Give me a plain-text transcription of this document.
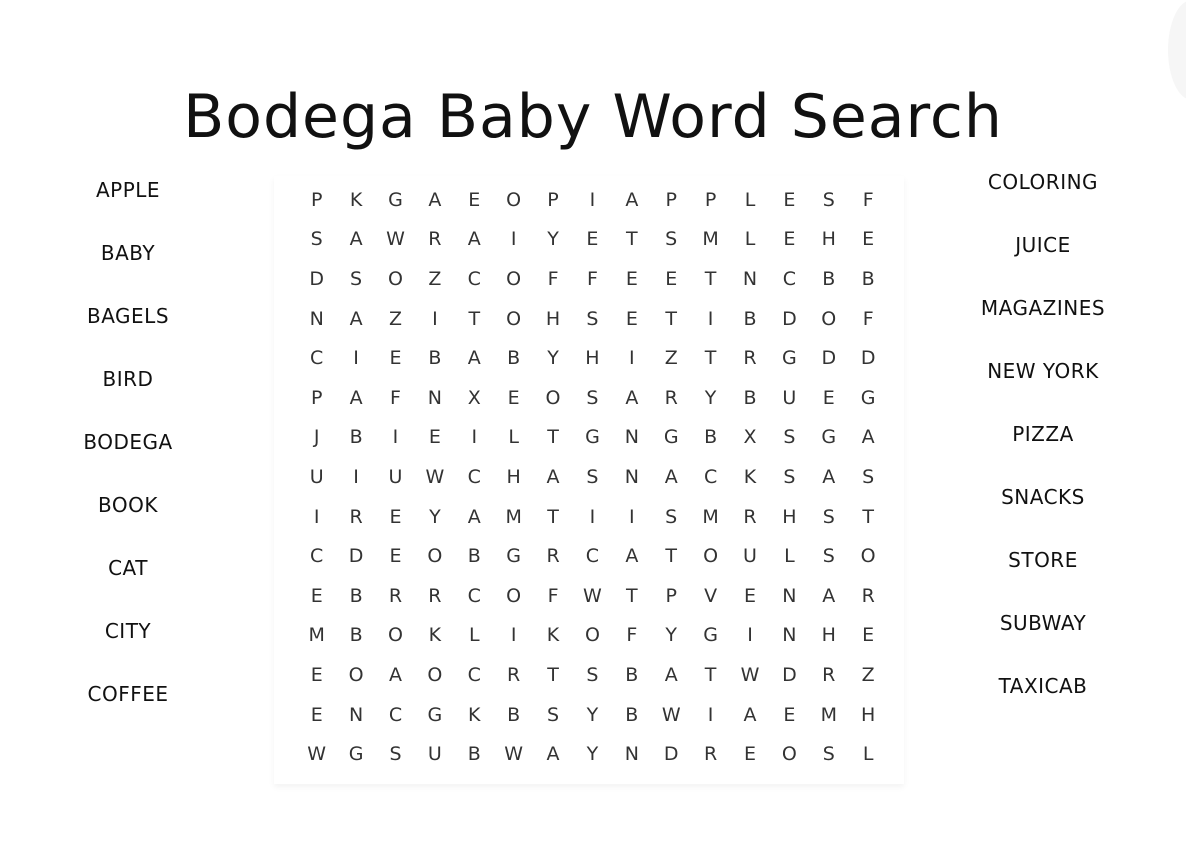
Bodega Baby Word Search
APPLE
BABY
BAGELS
BIRD
BODEGA
BOOK
CAT
CITY
COFFEE
COLORING
JUICE
MAGAZINES
NEW YORK
PIZZA
SNACKS
STORE
SUBWAY
TAXICAB
P	K	G	A	E	O	P	I	A	P	P	L	E	S	F
S	A	W	R	A	I	Y	E	T	S	M	L	E	H	E
D	S	O	Z	C	O	F	F	E	E	T	N	C	B	B
N	A	Z	I	T	O	H	S	E	T	I	B	D	O	F
C	I	E	B	A	B	Y	H	I	Z	T	R	G	D	D
P	A	F	N	X	E	O	S	A	R	Y	B	U	E	G
J	B	I	E	I	L	T	G	N	G	B	X	S	G	A
U	I	U	W	C	H	A	S	N	A	C	K	S	A	S
I	R	E	Y	A	M	T	I	I	S	M	R	H	S	T
C	D	E	O	B	G	R	C	A	T	O	U	L	S	O
E	B	R	R	C	O	F	W	T	P	V	E	N	A	R
M	B	O	K	L	I	K	O	F	Y	G	I	N	H	E
E	O	A	O	C	R	T	S	B	A	T	W	D	R	Z
E	N	C	G	K	B	S	Y	B	W	I	A	E	M	H
W	G	S	U	B	W	A	Y	N	D	R	E	O	S	L
